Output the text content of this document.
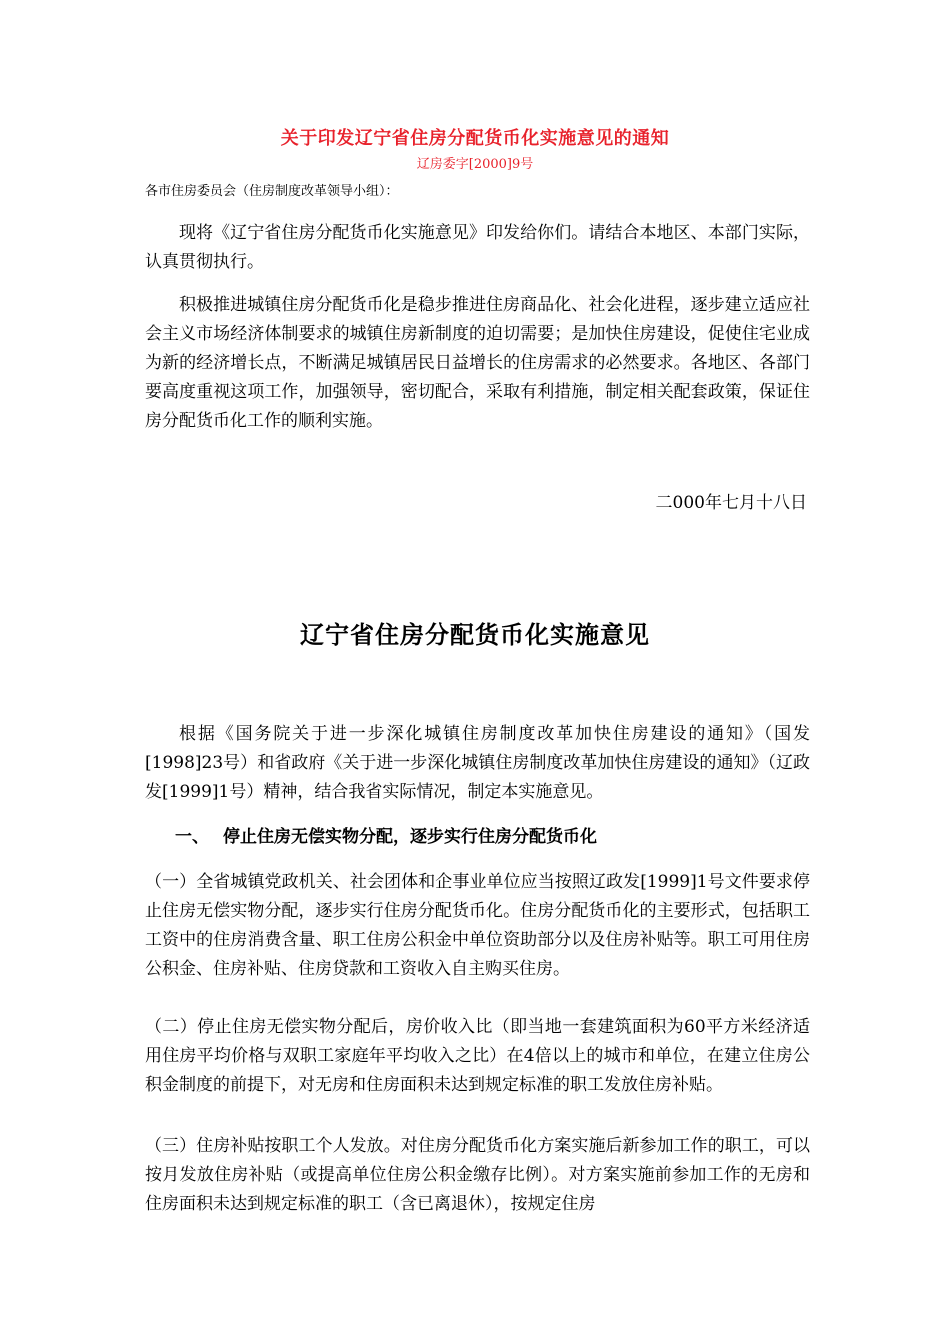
关于印发辽宁省住房分配货币化实施意见的通知
辽房委字[2000]9号
各市住房委员会（住房制度改革领导小组）：

现将《辽宁省住房分配货币化实施意见》印发给你们。请结合本地区、本部门实际，认真贯彻执行。

积极推进城镇住房分配货币化是稳步推进住房商品化、社会化进程，逐步建立适应社会主义市场经济体制要求的城镇住房新制度的迫切需要；是加快住房建设，促使住宅业成为新的经济增长点，不断满足城镇居民日益增长的住房需求的必然要求。各地区、各部门要高度重视这项工作，加强领导，密切配合，采取有利措施，制定相关配套政策，保证住房分配货币化工作的顺利实施。

二000年七月十八日
辽宁省住房分配货币化实施意见

根据《国务院关于进一步深化城镇住房制度改革加快住房建设的通知》（国发[1998]23号）和省政府《关于进一步深化城镇住房制度改革加快住房建设的通知》（辽政发[1999]1号）精神，结合我省实际情况，制定本实施意见。

一、 停止住房无偿实物分配，逐步实行住房分配货币化

（一）全省城镇党政机关、社会团体和企事业单位应当按照辽政发[1999]1号文件要求停止住房无偿实物分配，逐步实行住房分配货币化。住房分配货币化的主要形式，包括职工工资中的住房消费含量、职工住房公积金中单位资助部分以及住房补贴等。职工可用住房公积金、住房补贴、住房贷款和工资收入自主购买住房。

（二）停止住房无偿实物分配后，房价收入比（即当地一套建筑面积为60平方米经济适用住房平均价格与双职工家庭年平均收入之比）在4倍以上的城市和单位，在建立住房公积金制度的前提下，对无房和住房面积未达到规定标准的职工发放住房补贴。

（三）住房补贴按职工个人发放。对住房分配货币化方案实施后新参加工作的职工，可以按月发放住房补贴（或提高单位住房公积金缴存比例）。对方案实施前参加工作的无房和住房面积未达到规定标准的职工（含已离退休），按规定住房
